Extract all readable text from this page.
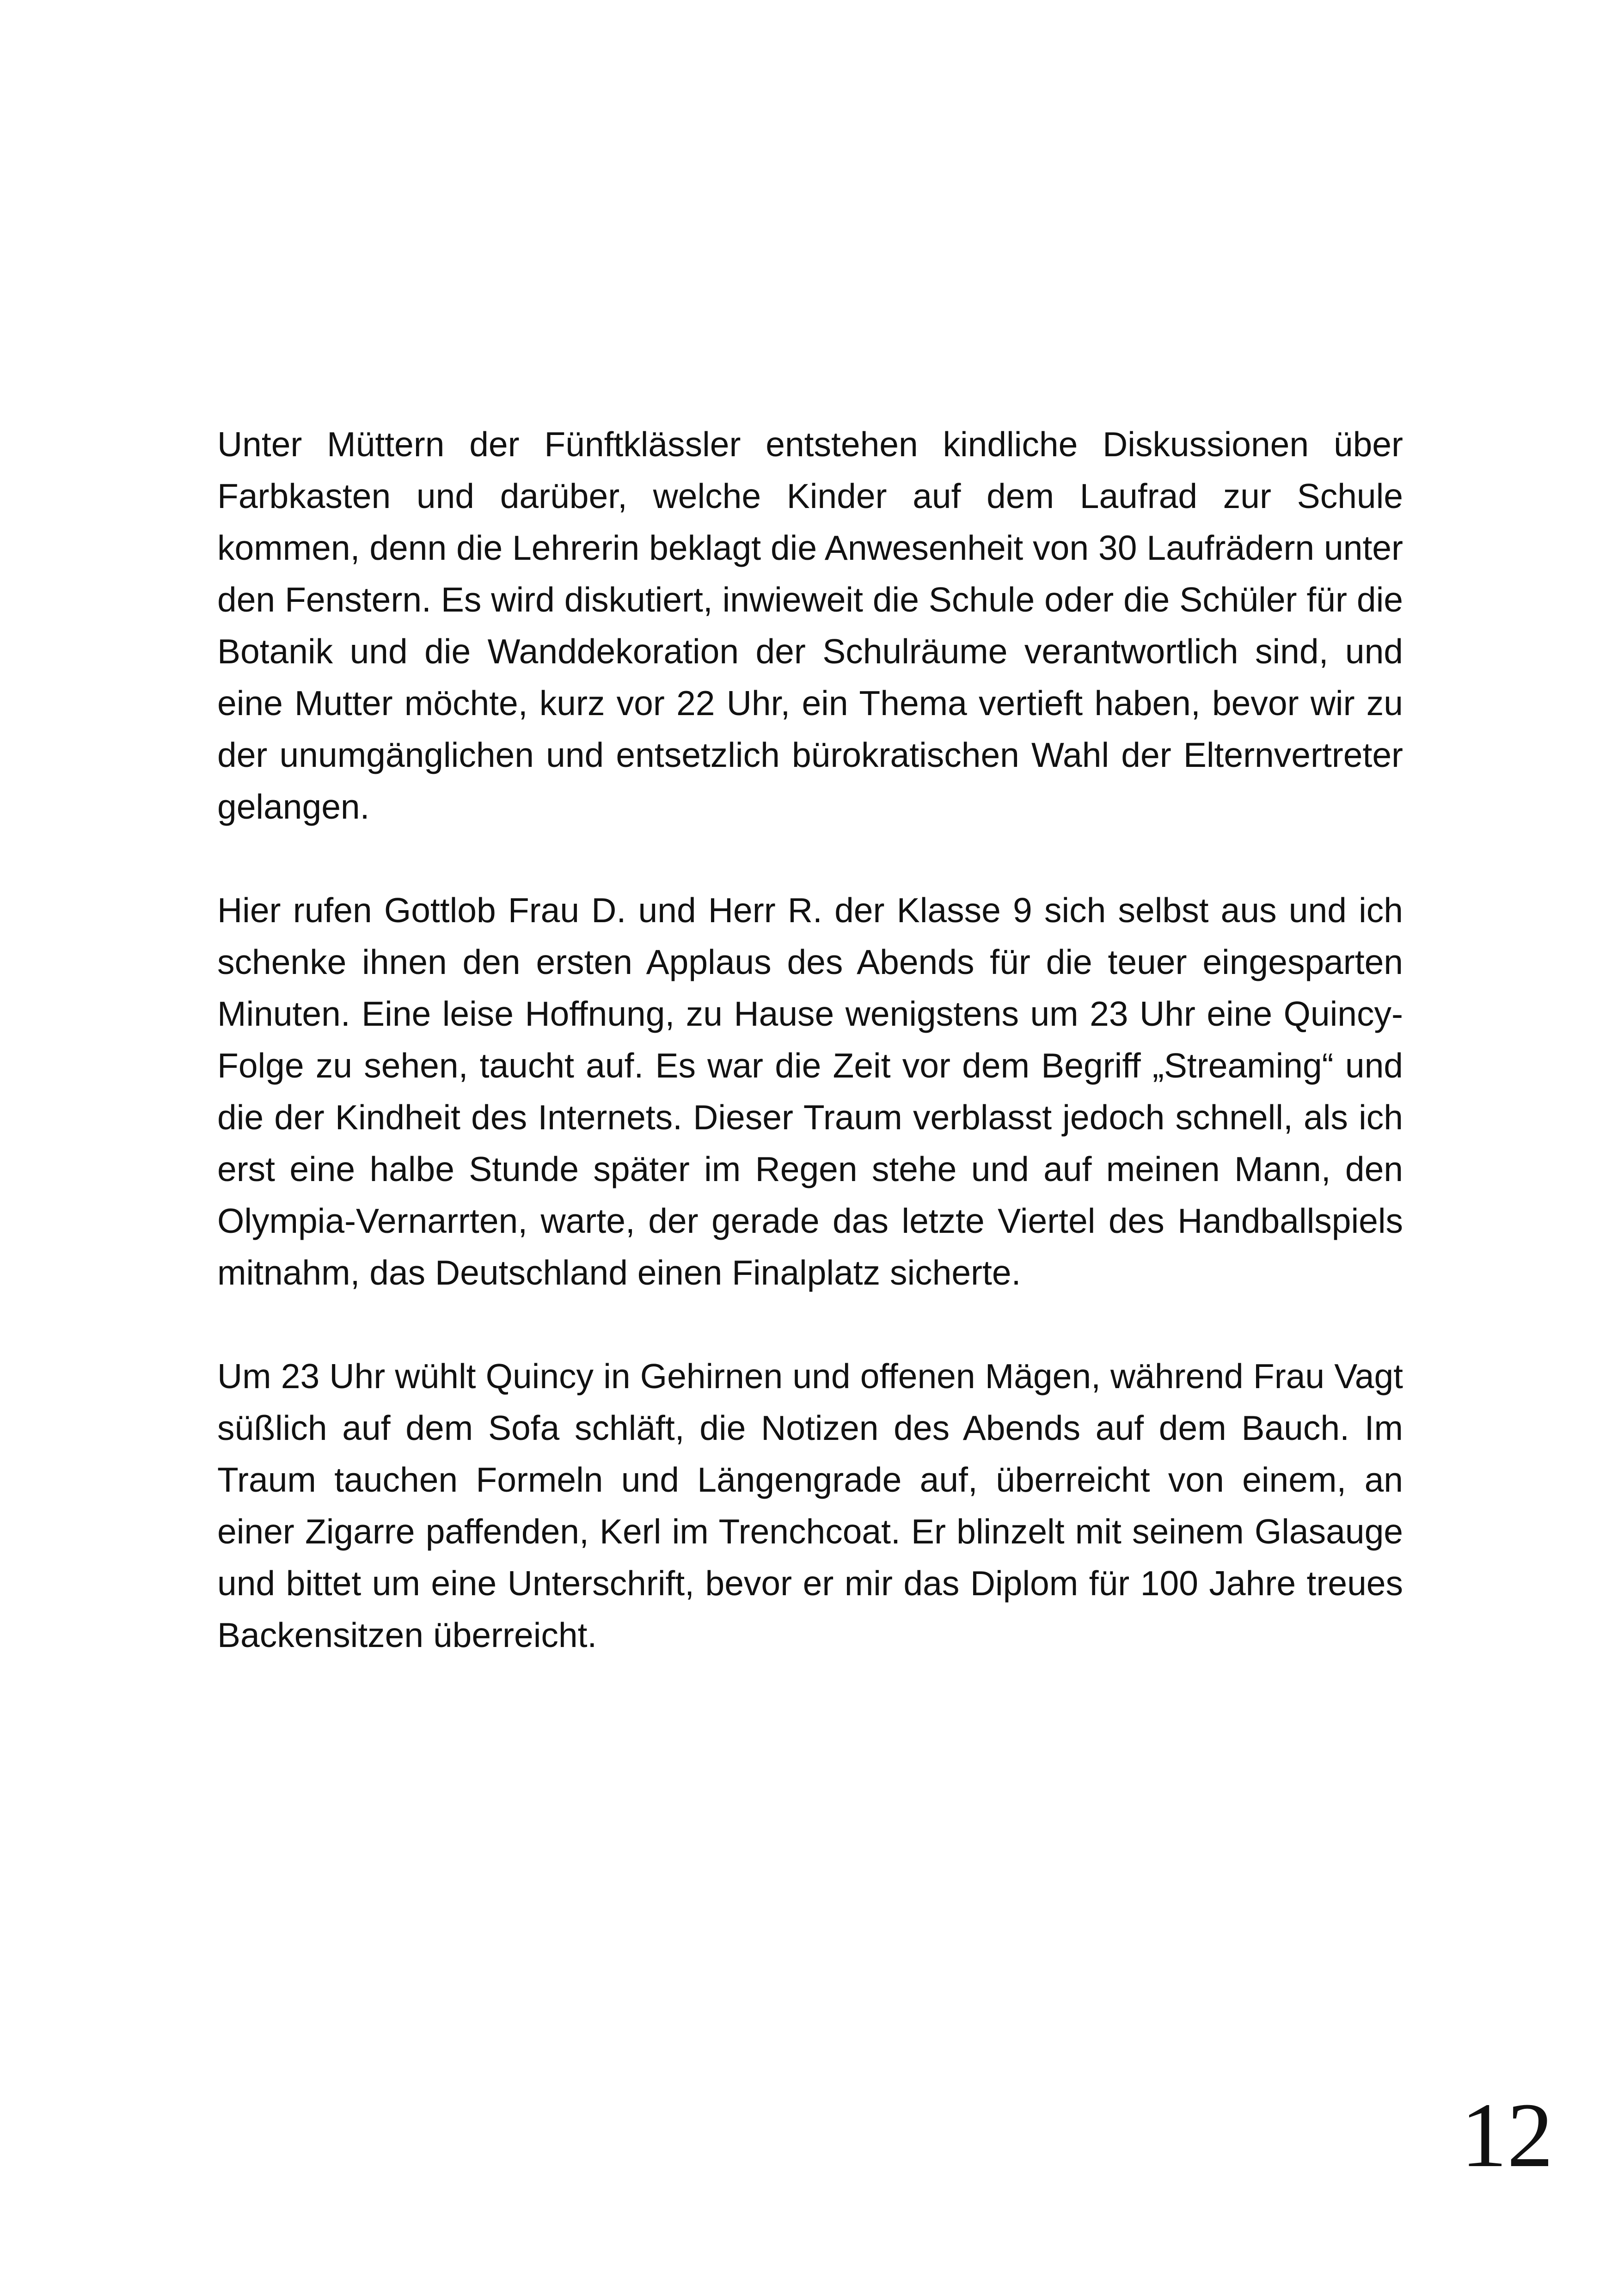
Unter Müttern der Fünftklässler entstehen kindliche Diskussionen über Farbkasten und darüber, welche Kinder auf dem Laufrad zur Schule kommen, denn die Lehrerin beklagt die Anwesenheit von 30 Laufrädern unter den Fenstern. Es wird diskutiert, inwieweit die Schule oder die Schüler für die Botanik und die Wanddekoration der Schulräume verantwortlich sind, und eine Mutter möchte, kurz vor 22 Uhr, ein Thema vertieft haben, bevor wir zu der unumgänglichen und entsetzlich bürokratischen Wahl der Elternvertreter gelangen.

Hier rufen Gottlob Frau D. und Herr R. der Klasse 9 sich selbst aus und ich schenke ihnen den ersten Applaus des Abends für die teuer eingesparten Minuten. Eine leise Hoffnung, zu Hause wenigstens um 23 Uhr eine Quincy-Folge zu sehen, taucht auf. Es war die Zeit vor dem Begriff „Streaming“ und die der Kindheit des Internets. Dieser Traum verblasst jedoch schnell, als ich erst eine halbe Stunde später im Regen stehe und auf meinen Mann, den Olympia-Vernarrten, warte, der gerade das letzte Viertel des Handballspiels mitnahm, das Deutschland einen Finalplatz sicherte.

Um 23 Uhr wühlt Quincy in Gehirnen und offenen Mägen, während Frau Vagt süßlich auf dem Sofa schläft, die Notizen des Abends auf dem Bauch. Im Traum tauchen Formeln und Längengrade auf, überreicht von einem, an einer Zigarre paffenden, Kerl im Trenchcoat. Er blinzelt mit seinem Glasauge und bittet um eine Unterschrift, bevor er mir das Diplom für 100 Jahre treues Backensitzen überreicht.

12
